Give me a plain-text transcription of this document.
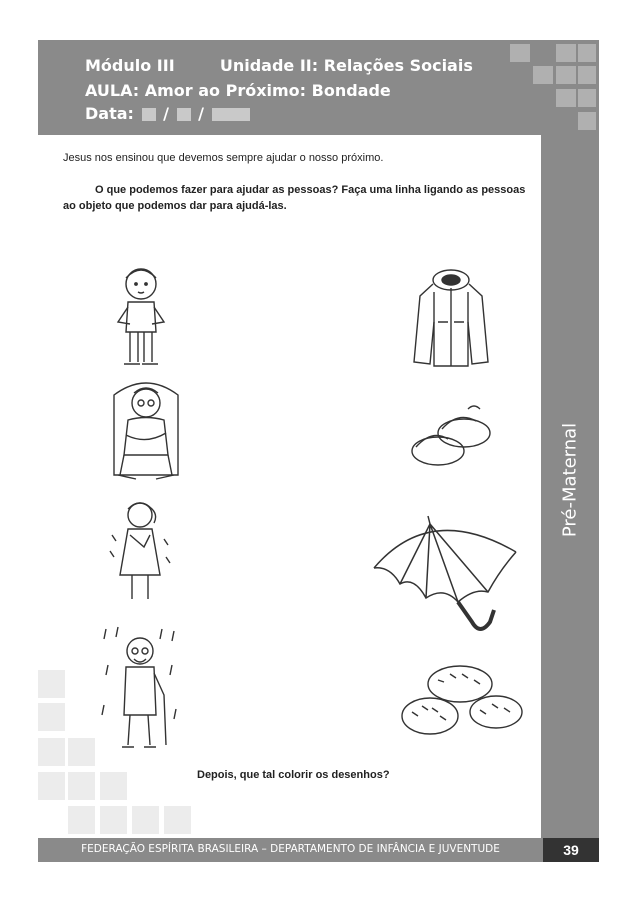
Módulo III	Unidade II: Relações Sociais
AULA: Amor ao Próximo: Bondade
Data: / /
Pré-Maternal
Jesus nos ensinou que devemos sempre ajudar o nosso próximo.
O que podemos fazer para ajudar as pessoas? Faça uma linha ligando as pessoas ao objeto que podemos dar para ajudá-las.
Depois, que tal colorir os desenhos?
FEDERAÇÃO ESPÍRITA BRASILEIRA – DEPARTAMENTO DE INFÂNCIA E JUVENTUDE	39
